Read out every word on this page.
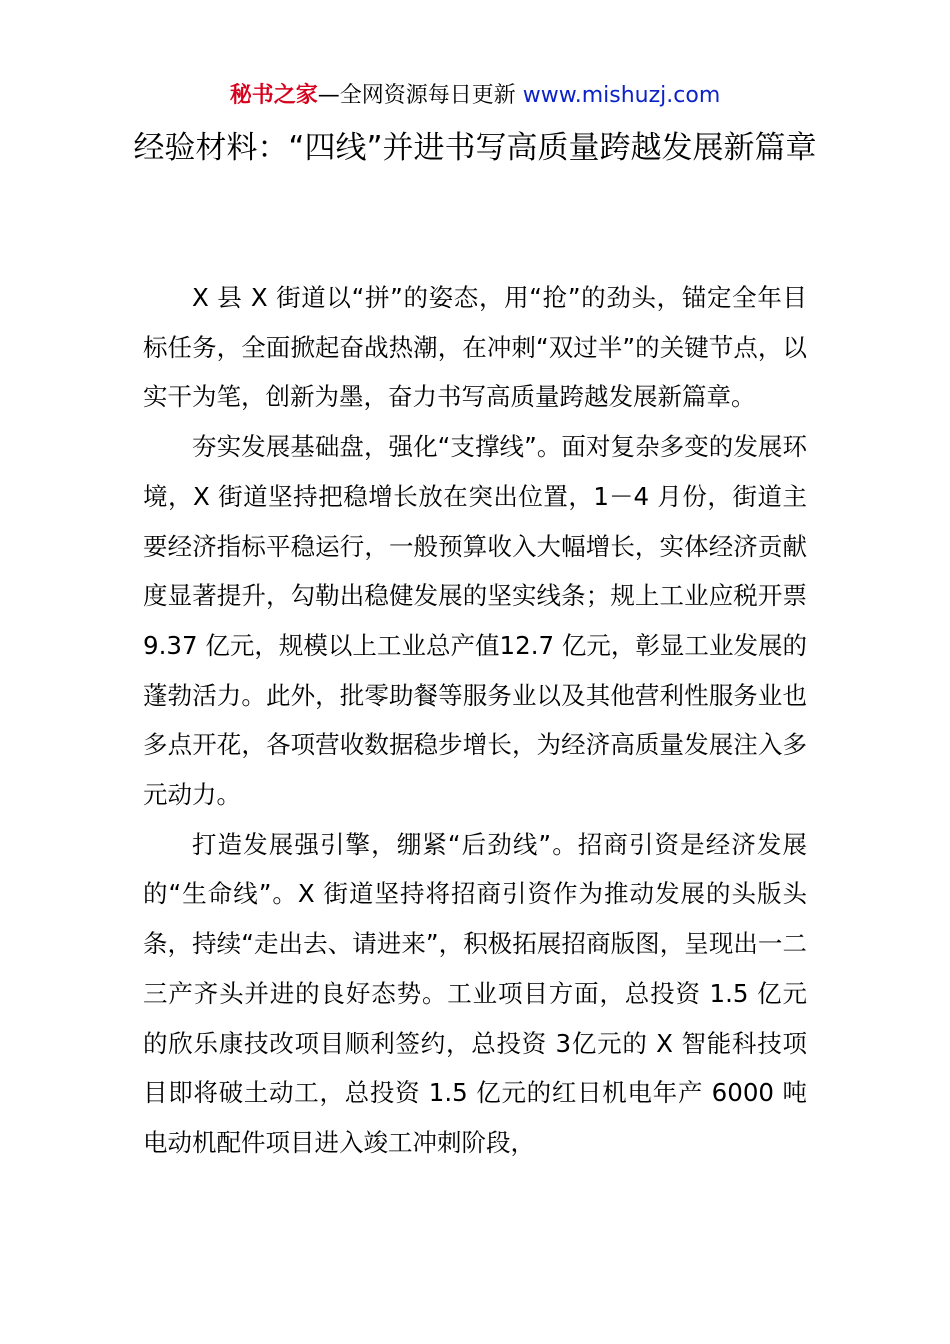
秘书之家—全网资源每日更新 www.mishuzj.com
经验材料：“四线”并进书写高质量跨越发展新篇章

X 县 X 街道以“拼”的姿态，用“抢”的劲头，锚定全年目标任务，全面掀起奋战热潮，在冲刺“双过半”的关键节点，以实干为笔，创新为墨，奋力书写高质量跨越发展新篇章。

夯实发展基础盘，强化“支撑线”。面对复杂多变的发展环境，X 街道坚持把稳增长放在突出位置，1－4 月份，街道主要经济指标平稳运行，一般预算收入大幅增长，实体经济贡献度显著提升，勾勒出稳健发展的坚实线条；规上工业应税开票 9.37 亿元，规模以上工业总产值12.7 亿元，彰显工业发展的蓬勃活力。此外，批零助餐等服务业以及其他营利性服务业也多点开花，各项营收数据稳步增长，为经济高质量发展注入多元动力。

打造发展强引擎，绷紧“后劲线”。招商引资是经济发展的“生命线”。X 街道坚持将招商引资作为推动发展的头版头条，持续“走出去、请进来”，积极拓展招商版图，呈现出一二三产齐头并进的良好态势。工业项目方面，总投资 1.5 亿元的欣乐康技改项目顺利签约，总投资 3亿元的 X 智能科技项目即将破土动工，总投资 1.5 亿元的红日机电年产 6000 吨电动机配件项目进入竣工冲刺阶段，
